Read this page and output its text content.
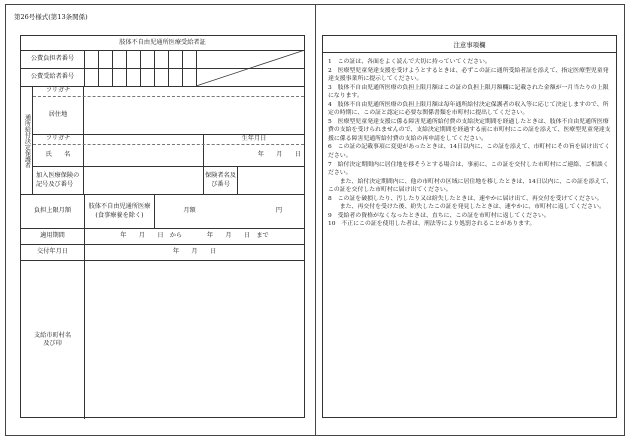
第26号様式(第13条関係)
肢体不自由児通所医療受給者証
公費負担者番号
公費受給者番号
通所給付決定保護者
フリガナ
居住地
フリガナ	生年月日
氏　　名	年　　月　　日
加入医療保険の記号及び番号
保険者名及び番号
負担上限月額
肢体不自由児通所医療(食事療養を除く)
月額	円
適用期間	年　　月　　日　から　　　　年　　月　　日　まで
交付年月日	年　　月　　日
支給市町村名及び印
注意事項欄

1　この証は、各面をよく読んで大切に持っていてください。

2　医療型児童発達支援を受けようとするときは、必ずこの証に通所受給者証を添えて、指定医療型児童発達支援事業所に提示してください。

3　肢体不自由児通所医療の負担上限月額はこの証の負担上限月額欄に記載された金額が一月当たりの上限になります。

4　肢体不自由児通所医療の負担上限月額は毎年通所給付決定保護者の収入等に応じて決定しますので、所定の時期に、この証と認定に必要な関係書類を市町村に提出してください。

5　医療型児童発達支援に係る障害児通所給付費の支給決定期間を経過したときは、肢体不自由児通所医療費の支給を受けられませんので、支給決定期間を経過する前に市町村にこの証を添えて、医療型児童発達支援に係る障害児通所給付費の支給の再申請をしてください。

6　この証の記載事項に変更があったときは、14日以内に、この証を添えて、市町村にその旨を届け出てください。

7　給付決定期間内に居住地を移そうとする場合は、事前に、この証を交付した市町村にご連絡、ご相談ください。

　　また、給付決定期間内に、他の市町村の区域に居住地を移したときは、14日以内に、この証を添えて、この証を交付した市町村に届け出てください。

8　この証を破損したり、汚したり又は紛失したときは、速やかに届け出て、再交付を受けてください。

　　また、再交付を受けた後、紛失したこの証を発見したときは、速やかに、市町村に返してください。

9　受給者の資格がなくなったときは、直ちに、この証を市町村に返してください。

10　不正にこの証を使用した者は、刑法等により処罰されることがあります。
